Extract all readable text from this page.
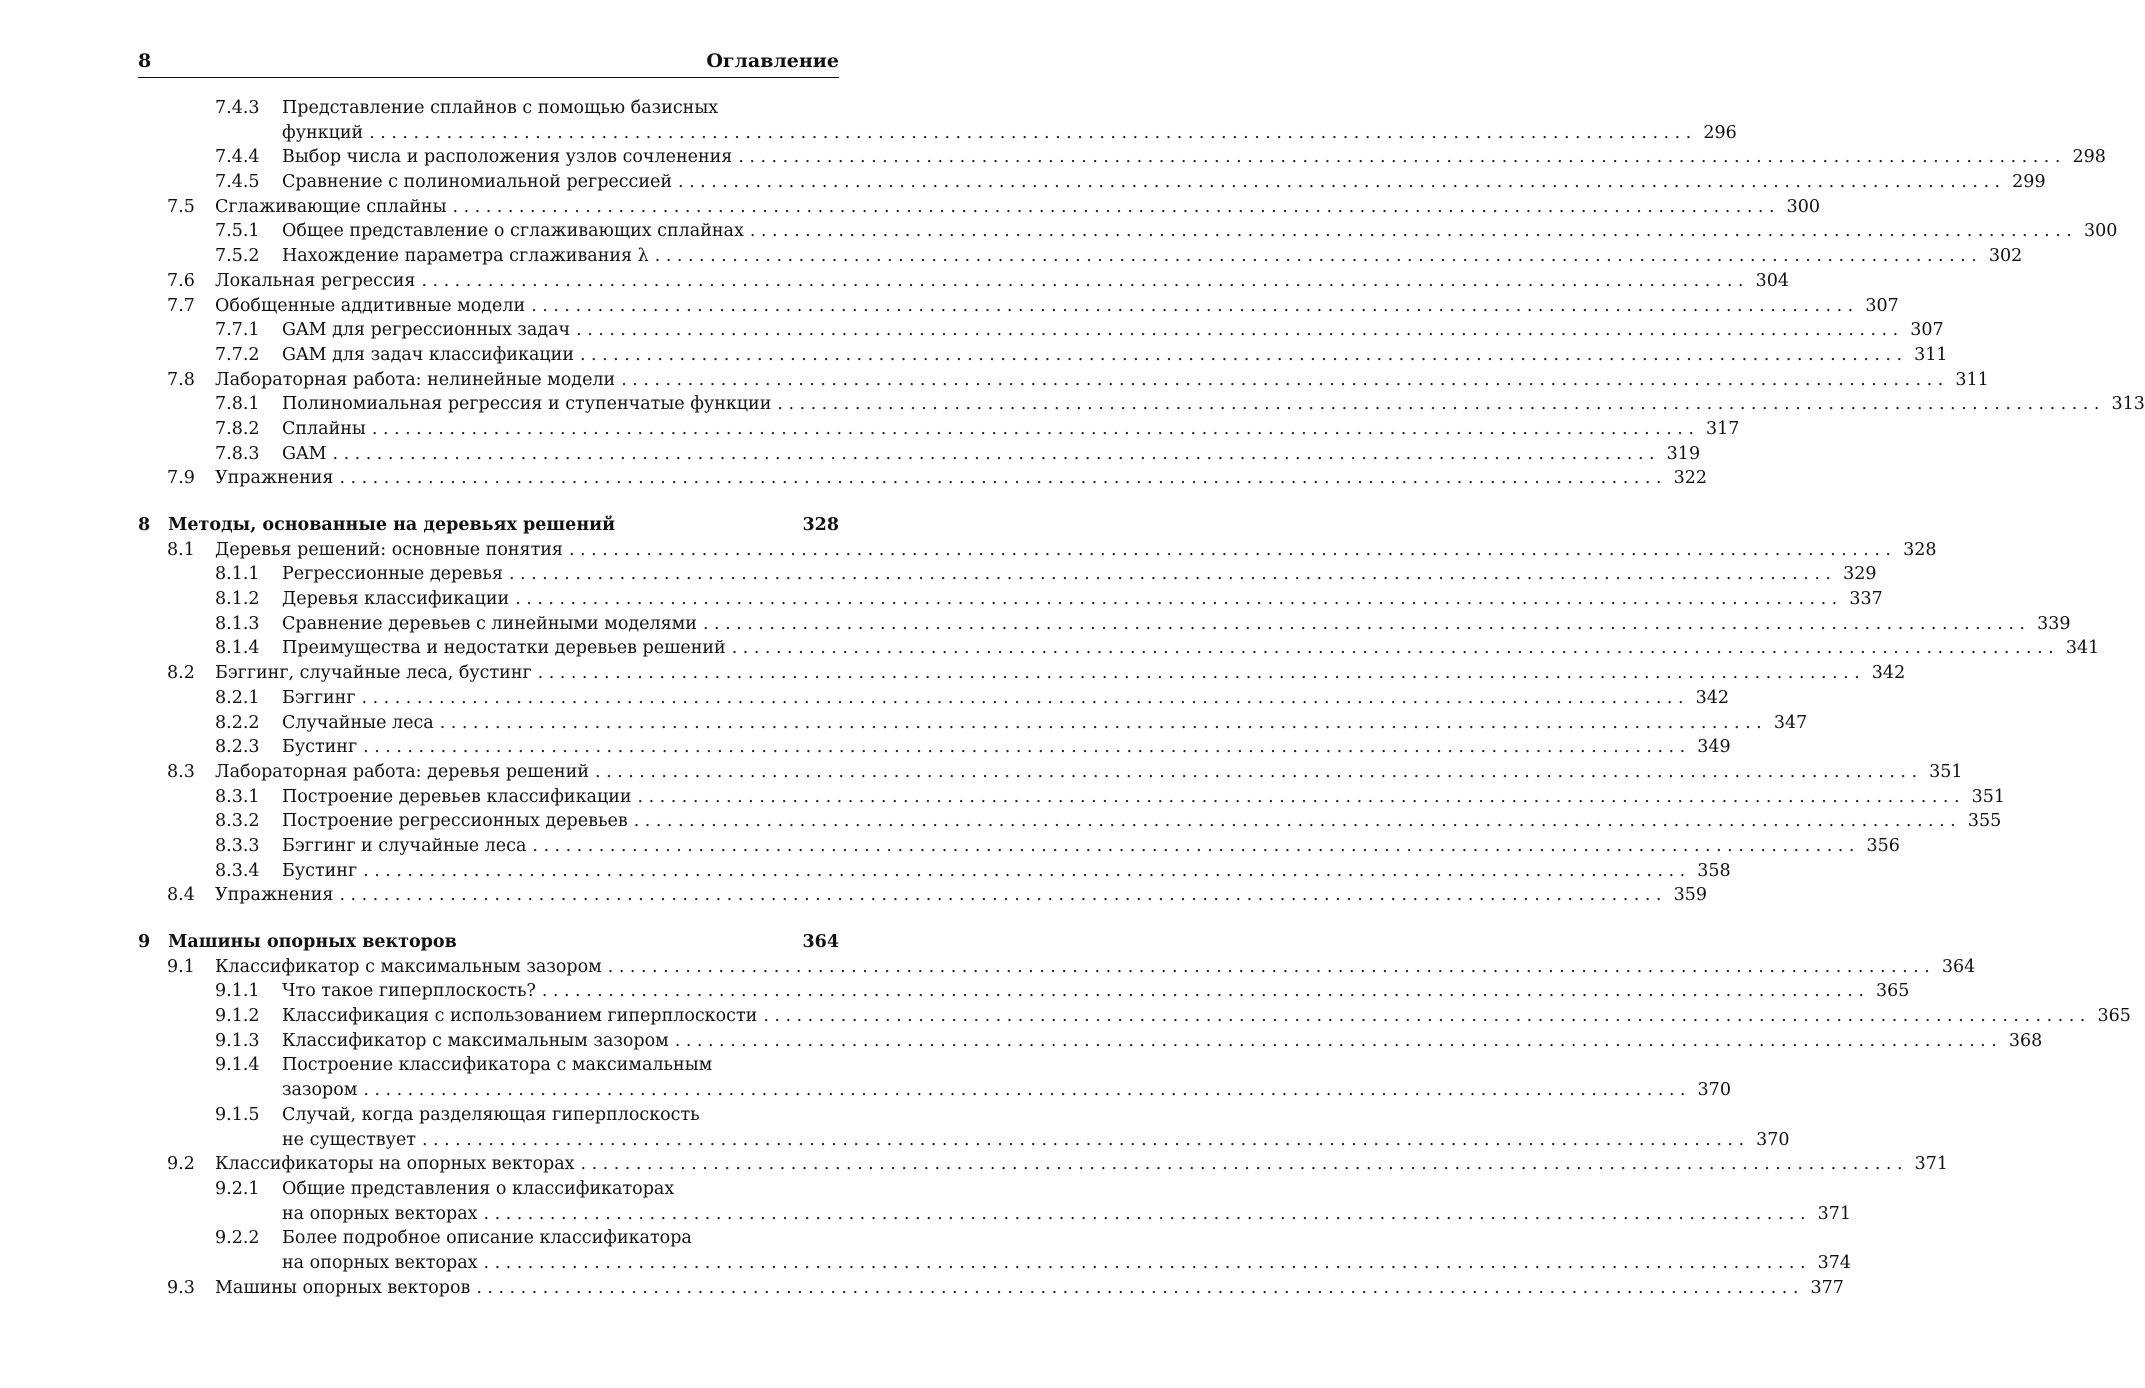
8	Оглавление
7.4.3 Представление сплайнов с помощью базисных
функций ........................................................................................................................ 296
7.4.4 Выбор числа и расположения узлов сочленения ........................................................................................................................ 298
7.4.5 Сравнение с полиномиальной регрессией ........................................................................................................................ 299
7.5 Сглаживающие сплайны ........................................................................................................................ 300
7.5.1 Общее представление о сглаживающих сплайнах ........................................................................................................................ 300
7.5.2 Нахождение параметра сглаживания λ ........................................................................................................................ 302
7.6 Локальная регрессия ........................................................................................................................ 304
7.7 Обобщенные аддитивные модели ........................................................................................................................ 307
7.7.1 GAM для регрессионных задач ........................................................................................................................ 307
7.7.2 GAM для задач классификации ........................................................................................................................ 311
7.8 Лабораторная работа: нелинейные модели ........................................................................................................................ 311
7.8.1 Полиномиальная регрессия и ступенчатые функции ........................................................................................................................ 313
7.8.2 Сплайны ........................................................................................................................ 317
7.8.3 GAM ........................................................................................................................ 319
7.9 Упражнения ........................................................................................................................ 322
8 Методы, основанные на деревьях решений	328
8.1 Деревья решений: основные понятия ........................................................................................................................ 328
8.1.1 Регрессионные деревья ........................................................................................................................ 329
8.1.2 Деревья классификации ........................................................................................................................ 337
8.1.3 Сравнение деревьев с линейными моделями ........................................................................................................................ 339
8.1.4 Преимущества и недостатки деревьев решений ........................................................................................................................ 341
8.2 Бэггинг, случайные леса, бустинг ........................................................................................................................ 342
8.2.1 Бэггинг ........................................................................................................................ 342
8.2.2 Случайные леса ........................................................................................................................ 347
8.2.3 Бустинг ........................................................................................................................ 349
8.3 Лабораторная работа: деревья решений ........................................................................................................................ 351
8.3.1 Построение деревьев классификации ........................................................................................................................ 351
8.3.2 Построение регрессионных деревьев ........................................................................................................................ 355
8.3.3 Бэггинг и случайные леса ........................................................................................................................ 356
8.3.4 Бустинг ........................................................................................................................ 358
8.4 Упражнения ........................................................................................................................ 359
9 Машины опорных векторов	364
9.1 Классификатор с максимальным зазором ........................................................................................................................ 364
9.1.1 Что такое гиперплоскость? ........................................................................................................................ 365
9.1.2 Классификация с использованием гиперплоскости ........................................................................................................................ 365
9.1.3 Классификатор с максимальным зазором ........................................................................................................................ 368
9.1.4 Построение классификатора с максимальным
зазором ........................................................................................................................ 370
9.1.5 Случай, когда разделяющая гиперплоскость
не существует ........................................................................................................................ 370
9.2 Классификаторы на опорных векторах ........................................................................................................................ 371
9.2.1 Общие представления о классификаторах
на опорных векторах ........................................................................................................................ 371
9.2.2 Более подробное описание классификатора
на опорных векторах ........................................................................................................................ 374
9.3 Машины опорных векторов ........................................................................................................................ 377
